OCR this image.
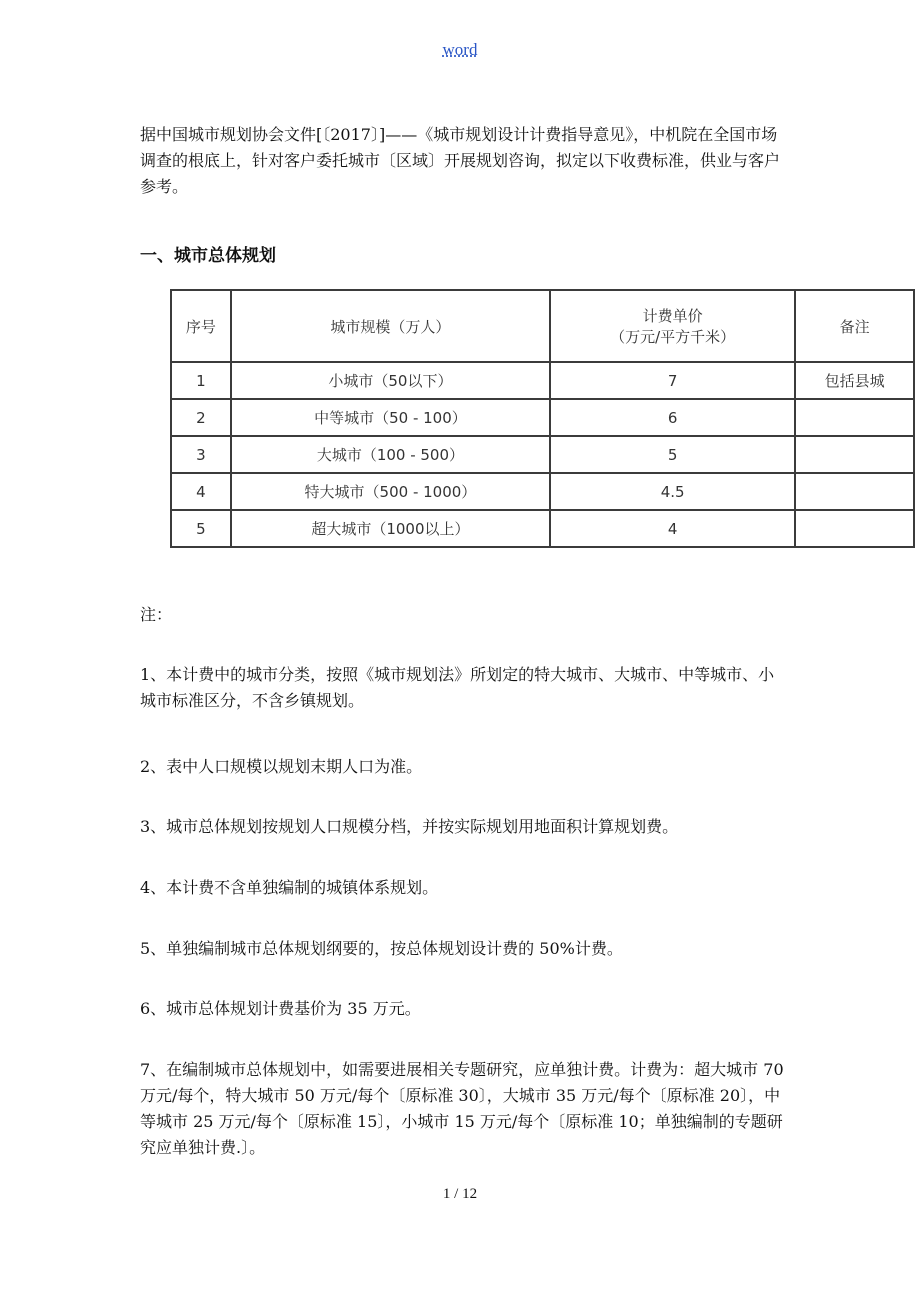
word

据中国城市规划协会文件[〔2017〕]——《城市规划设计计费指导意见》，中机院在全国市场调查的根底上，针对客户委托城市〔区域〕开展规划咨询，拟定以下收费标准，供业与客户参考。

一、城市总体规划
序号	城市规模（万人）	计费单价
（万元/平方千米）	备注
1	小城市（50以下）	7	包括县城
2	中等城市（50 - 100）	6	
3	大城市（100 - 500）	5	
4	特大城市（500 - 1000）	4.5	
5	超大城市（1000以上）	4	

注：

1、本计费中的城市分类，按照《城市规划法》所划定的特大城市、大城市、中等城市、小城市标准区分，不含乡镇规划。

2、表中人口规模以规划末期人口为准。

3、城市总体规划按规划人口规模分档，并按实际规划用地面积计算规划费。

4、本计费不含单独编制的城镇体系规划。

5、单独编制城市总体规划纲要的，按总体规划设计费的 50%计费。

6、城市总体规划计费基价为 35 万元。

7、在编制城市总体规划中，如需要进展相关专题研究，应单独计费。计费为：超大城市 70 万元/每个，特大城市 50 万元/每个〔原标准 30〕，大城市 35 万元/每个〔原标准 20〕，中等城市 25 万元/每个〔原标准 15〕，小城市 15 万元/每个〔原标准 10；单独编制的专题研究应单独计费.〕。

1 / 12
